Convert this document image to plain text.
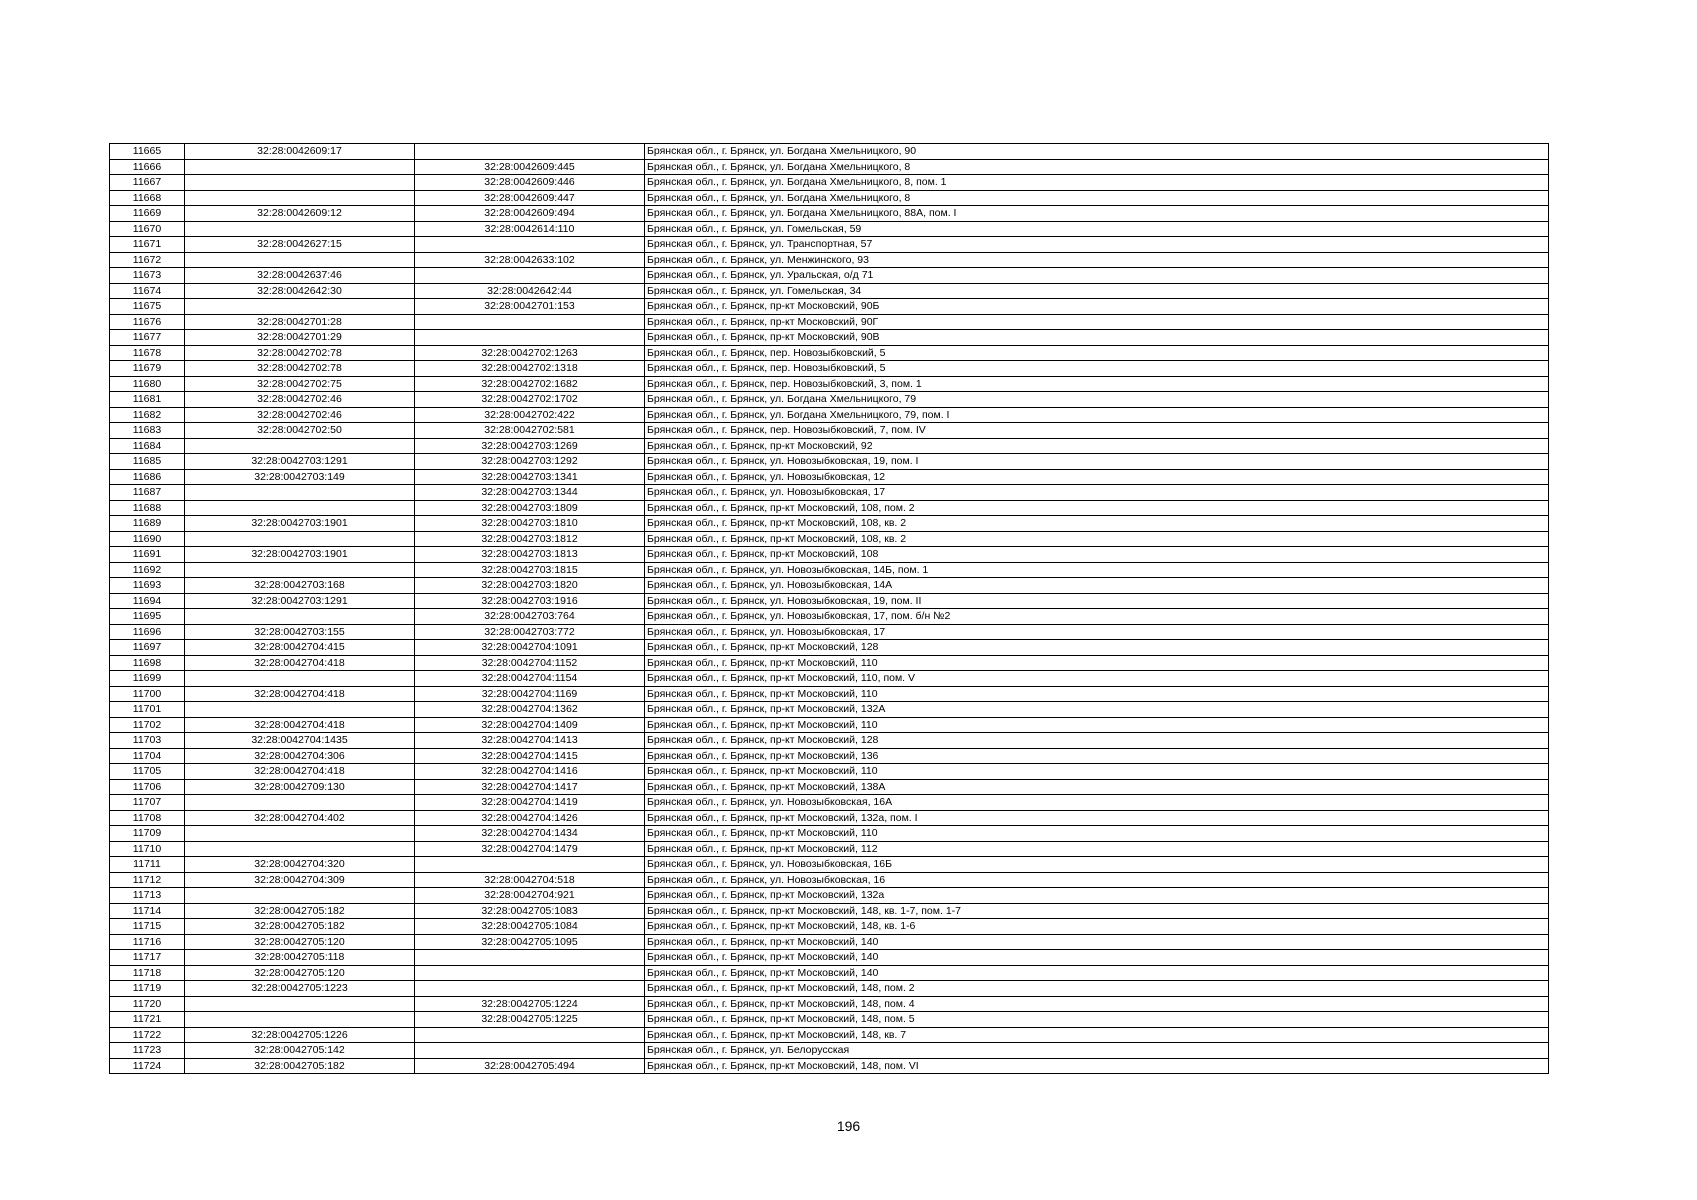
11665	32:28:0042609:17		Брянская обл., г. Брянск, ул. Богдана Хмельницкого, 90
11666		32:28:0042609:445	Брянская обл., г. Брянск, ул. Богдана Хмельницкого, 8
11667		32:28:0042609:446	Брянская обл., г. Брянск, ул. Богдана Хмельницкого, 8, пом. 1
11668		32:28:0042609:447	Брянская обл., г. Брянск, ул. Богдана Хмельницкого, 8
11669	32:28:0042609:12	32:28:0042609:494	Брянская обл., г. Брянск, ул. Богдана Хмельницкого, 88А, пом. I
11670		32:28:0042614:110	Брянская обл., г. Брянск, ул. Гомельская, 59
11671	32:28:0042627:15		Брянская обл., г. Брянск, ул. Транспортная, 57
11672		32:28:0042633:102	Брянская обл., г. Брянск, ул. Менжинского, 93
11673	32:28:0042637:46		Брянская обл., г. Брянск, ул. Уральская, о/д 71
11674	32:28:0042642:30	32:28:0042642:44	Брянская обл., г. Брянск, ул. Гомельская, 34
11675		32:28:0042701:153	Брянская обл., г. Брянск, пр-кт Московский, 90Б
11676	32:28:0042701:28		Брянская обл., г. Брянск, пр-кт Московский, 90Г
11677	32:28:0042701:29		Брянская обл., г. Брянск, пр-кт Московский, 90В
11678	32:28:0042702:78	32:28:0042702:1263	Брянская обл., г. Брянск, пер. Новозыбковский, 5
11679	32:28:0042702:78	32:28:0042702:1318	Брянская обл., г. Брянск, пер. Новозыбковский, 5
11680	32:28:0042702:75	32:28:0042702:1682	Брянская обл., г. Брянск, пер. Новозыбковский, 3, пом. 1
11681	32:28:0042702:46	32:28:0042702:1702	Брянская обл., г. Брянск, ул. Богдана Хмельницкого, 79
11682	32:28:0042702:46	32:28:0042702:422	Брянская обл., г. Брянск, ул. Богдана Хмельницкого, 79, пом. I
11683	32:28:0042702:50	32:28:0042702:581	Брянская обл., г. Брянск, пер. Новозыбковский, 7, пом. IV
11684		32:28:0042703:1269	Брянская обл., г. Брянск, пр-кт Московский, 92
11685	32:28:0042703:1291	32:28:0042703:1292	Брянская обл., г. Брянск, ул. Новозыбковская, 19, пом. I
11686	32:28:0042703:149	32:28:0042703:1341	Брянская обл., г. Брянск, ул. Новозыбковская, 12
11687		32:28:0042703:1344	Брянская обл., г. Брянск, ул. Новозыбковская, 17
11688		32:28:0042703:1809	Брянская обл., г. Брянск, пр-кт Московский, 108, пом. 2
11689	32:28:0042703:1901	32:28:0042703:1810	Брянская обл., г. Брянск, пр-кт Московский, 108, кв. 2
11690		32:28:0042703:1812	Брянская обл., г. Брянск, пр-кт Московский, 108, кв. 2
11691	32:28:0042703:1901	32:28:0042703:1813	Брянская обл., г. Брянск, пр-кт Московский, 108
11692		32:28:0042703:1815	Брянская обл., г. Брянск, ул. Новозыбковская, 14Б, пом. 1
11693	32:28:0042703:168	32:28:0042703:1820	Брянская обл., г. Брянск, ул. Новозыбковская, 14А
11694	32:28:0042703:1291	32:28:0042703:1916	Брянская обл., г. Брянск, ул. Новозыбковская, 19, пом. II
11695		32:28:0042703:764	Брянская обл., г. Брянск, ул. Новозыбковская, 17, пом. б/н №2
11696	32:28:0042703:155	32:28:0042703:772	Брянская обл., г. Брянск, ул. Новозыбковская, 17
11697	32:28:0042704:415	32:28:0042704:1091	Брянская обл., г. Брянск, пр-кт Московский, 128
11698	32:28:0042704:418	32:28:0042704:1152	Брянская обл., г. Брянск, пр-кт Московский, 110
11699		32:28:0042704:1154	Брянская обл., г. Брянск, пр-кт Московский, 110, пом. V
11700	32:28:0042704:418	32:28:0042704:1169	Брянская обл., г. Брянск, пр-кт Московский, 110
11701		32:28:0042704:1362	Брянская обл., г. Брянск, пр-кт Московский, 132А
11702	32:28:0042704:418	32:28:0042704:1409	Брянская обл., г. Брянск, пр-кт Московский, 110
11703	32:28:0042704:1435	32:28:0042704:1413	Брянская обл., г. Брянск, пр-кт Московский, 128
11704	32:28:0042704:306	32:28:0042704:1415	Брянская обл., г. Брянск, пр-кт Московский, 136
11705	32:28:0042704:418	32:28:0042704:1416	Брянская обл., г. Брянск, пр-кт Московский, 110
11706	32:28:0042709:130	32:28:0042704:1417	Брянская обл., г. Брянск, пр-кт Московский, 138А
11707		32:28:0042704:1419	Брянская обл., г. Брянск, ул. Новозыбковская, 16А
11708	32:28:0042704:402	32:28:0042704:1426	Брянская обл., г. Брянск, пр-кт Московский, 132а, пом. I
11709		32:28:0042704:1434	Брянская обл., г. Брянск, пр-кт Московский, 110
11710		32:28:0042704:1479	Брянская обл., г. Брянск, пр-кт Московский, 112
11711	32:28:0042704:320		Брянская обл., г. Брянск, ул. Новозыбковская, 16Б
11712	32:28:0042704:309	32:28:0042704:518	Брянская обл., г. Брянск, ул. Новозыбковская, 16
11713		32:28:0042704:921	Брянская обл., г. Брянск, пр-кт Московский, 132а
11714	32:28:0042705:182	32:28:0042705:1083	Брянская обл., г. Брянск, пр-кт Московский, 148, кв. 1-7, пом. 1-7
11715	32:28:0042705:182	32:28:0042705:1084	Брянская обл., г. Брянск, пр-кт Московский, 148, кв. 1-6
11716	32:28:0042705:120	32:28:0042705:1095	Брянская обл., г. Брянск, пр-кт Московский, 140
11717	32:28:0042705:118		Брянская обл., г. Брянск, пр-кт Московский, 140
11718	32:28:0042705:120		Брянская обл., г. Брянск, пр-кт Московский, 140
11719	32:28:0042705:1223		Брянская обл., г. Брянск, пр-кт Московский, 148, пом. 2
11720		32:28:0042705:1224	Брянская обл., г. Брянск, пр-кт Московский, 148, пом. 4
11721		32:28:0042705:1225	Брянская обл., г. Брянск, пр-кт Московский, 148, пом. 5
11722	32:28:0042705:1226		Брянская обл., г. Брянск, пр-кт Московский, 148, кв. 7
11723	32:28:0042705:142		Брянская обл., г. Брянск, ул. Белорусская
11724	32:28:0042705:182	32:28:0042705:494	Брянская обл., г. Брянск, пр-кт Московский, 148, пом. VI
196
